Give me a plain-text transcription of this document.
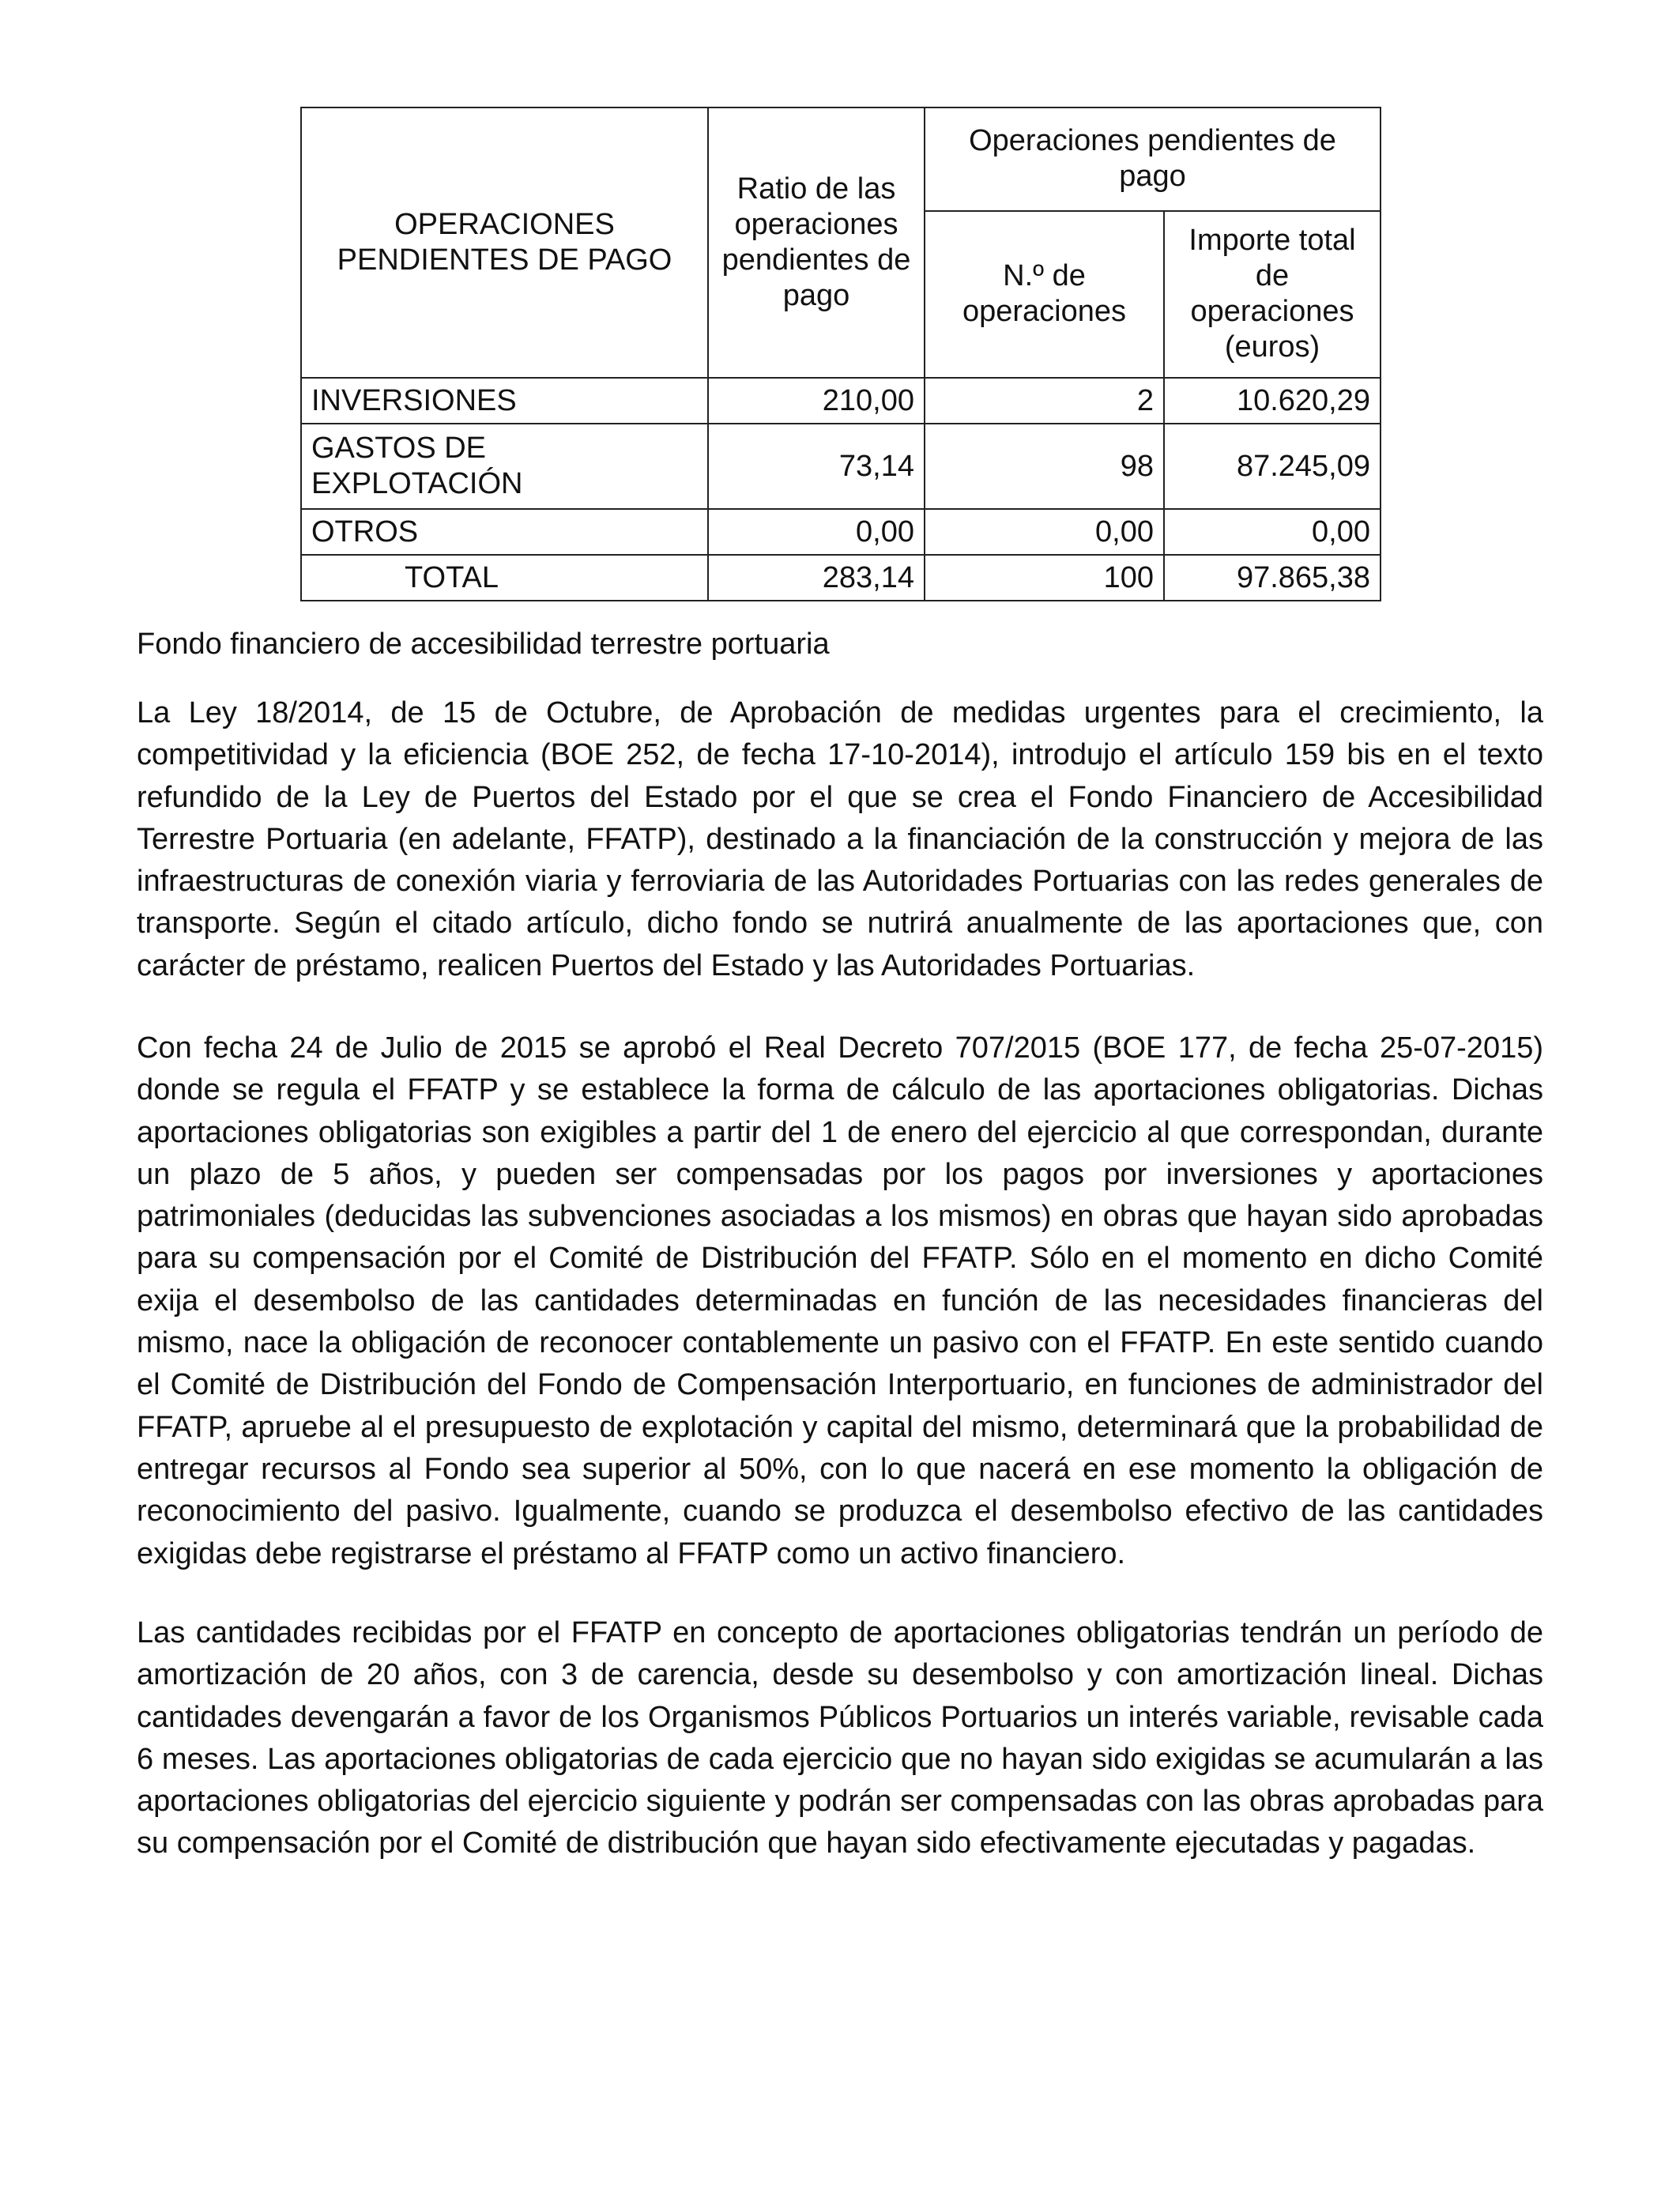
OPERACIONES PENDIENTES DE PAGO	Ratio de las operaciones pendientes de pago	Operaciones pendientes de pago	
		N.º de operaciones	Importe total de operaciones (euros)
INVERSIONES	210,00	2	10.620,29
GASTOS DE EXPLOTACIÓN	73,14	98	87.245,09
OTROS	0,00	0,00	0,00
TOTAL	283,14	100	97.865,38

Fondo financiero de accesibilidad terrestre portuaria

La Ley 18/2014, de 15 de Octubre, de Aprobación de medidas urgentes para el crecimiento, la competitividad y la eficiencia (BOE 252, de fecha 17-10-2014), introdujo el artículo 159 bis en el texto refundido de la Ley de Puertos del Estado por el que se crea el Fondo Financiero de Accesibilidad Terrestre Portuaria (en adelante, FFATP), destinado a la financiación de la construcción y mejora de las infraestructuras de conexión viaria y ferroviaria de las Autoridades Portuarias con las redes generales de transporte. Según el citado artículo, dicho fondo se nutrirá anualmente de las aportaciones que, con carácter de préstamo, realicen Puertos del Estado y las Autoridades Portuarias.

Con fecha 24 de Julio de 2015 se aprobó el Real Decreto 707/2015 (BOE 177, de fecha 25-07-2015) donde se regula el FFATP y se establece la forma de cálculo de las aportaciones obligatorias. Dichas aportaciones obligatorias son exigibles a partir del 1 de enero del ejercicio al que correspondan, durante un plazo de 5 años, y pueden ser compensadas por los pagos por inversiones y aportaciones patrimoniales (deducidas las subvenciones asociadas a los mismos) en obras que hayan sido aprobadas para su compensación por el Comité de Distribución del FFATP. Sólo en el momento en dicho Comité exija el desembolso de las cantidades determinadas en función de las necesidades financieras del mismo, nace la obligación de reconocer contablemente un pasivo con el FFATP. En este sentido cuando el Comité de Distribución del Fondo de Compensación Interportuario, en funciones de administrador del FFATP, apruebe al el presupuesto de explotación y capital del mismo, determinará que la probabilidad de entregar recursos al Fondo sea superior al 50%, con lo que nacerá en ese momento la obligación de reconocimiento del pasivo. Igualmente, cuando se produzca el desembolso efectivo de las cantidades exigidas debe registrarse el préstamo al FFATP como un activo financiero.

Las cantidades recibidas por el FFATP en concepto de aportaciones obligatorias tendrán un período de amortización de 20 años, con 3 de carencia, desde su desembolso y con amortización lineal. Dichas cantidades devengarán a favor de los Organismos Públicos Portuarios un interés variable, revisable cada 6 meses. Las aportaciones obligatorias de cada ejercicio que no hayan sido exigidas se acumularán a las aportaciones obligatorias del ejercicio siguiente y podrán ser compensadas con las obras aprobadas para su compensación por el Comité de distribución que hayan sido efectivamente ejecutadas y pagadas.
